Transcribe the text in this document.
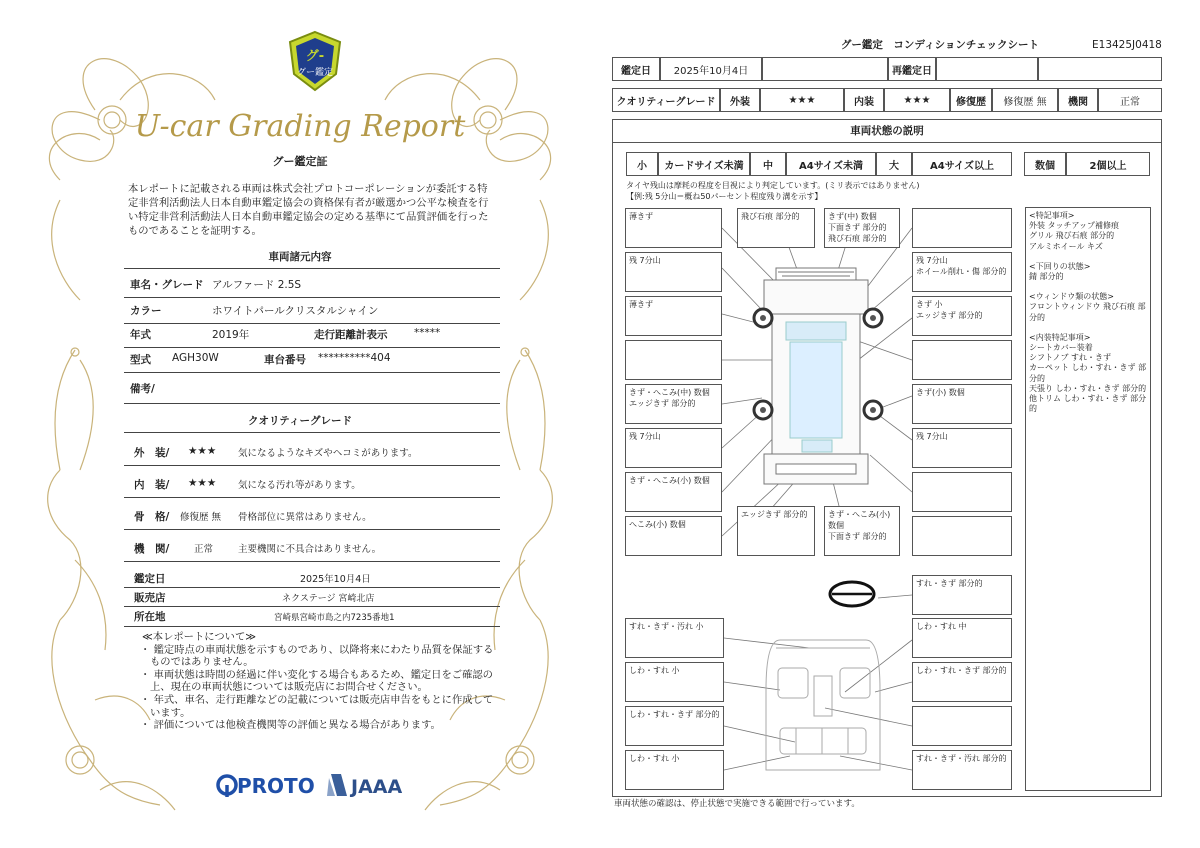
グ-
グー鑑定
U-car Grading Report
グー鑑定証
本レポートに記載される車両は株式会社プロトコーポレーションが委託する特定非営利活動法人日本自動車鑑定協会の資格保有者が厳選かつ公平な検査を行い特定非営利活動法人日本自動車鑑定協会の定める基準にて品質評価を行ったものであることを証明する。
車両諸元内容
車名・グレード アルファード 2.5S
カラー	ホワイトパールクリスタルシャイン
年式	2019年	走行距離計表示	*****
型式 AGH30W	車台番号 **********404
備考/
クオリティーグレード
外　装/ ★★★ 気になるようなキズやヘコミがあります。
内　装/ ★★★ 気になる汚れ等があります。
骨　格/ 修復歴 無 骨格部位に異常はありません。
機　関/	正常	主要機関に不具合はありません。
鑑定日	2025年10月4日
販売店	ネクステージ 宮崎北店
所在地	宮崎県宮崎市島之内7235番地1
≪本レポートについて≫
・ 鑑定時点の車両状態を示すものであり、以降将来にわたり品質を保証するものではありません。
・ 車両状態は時間の経過に伴い変化する場合もあるため、鑑定日をご確認の上、現在の車両状態については販売店にお問合せください。
・ 年式、車名、走行距離などの記載については販売店申告をもとに作成しています。
・ 評価については他検査機関等の評価と異なる場合があります。
PROTO JAAA
グー鑑定　コンディションチェックシート	E13425J0418
鑑定日	2025年10月4日	再鑑定日
クオリティーグレード	外装	★★★	内装	★★★	修復歴	修復歴 無	機関	正常
車両状態の説明
小	カードサイズ未満	中	A4サイズ未満	大	A4サイズ以上	数個	2個以上
タイヤ残山は摩耗の程度を目視により判定しています。(ミリ表示ではありません)
【例:残 5分山＝概ね50パーセント程度残り溝を示す】
薄きず
残 7分山
薄きず
きず・へこみ(中) 数個
エッジきず 部分的
残 7分山
きず・へこみ(小) 数個
へこみ(小) 数個
飛び石痕 部分的	きず(中) 数個
下面きず 部分的
飛び石痕 部分的
エッジきず 部分的	きず・へこみ(小) 数個
下面きず 部分的
残 7分山
ホイール削れ・傷 部分的
きず 小
エッジきず 部分的
きず(小) 数個
残 7分山
すれ・きず 部分的
すれ・きず・汚れ 小	しわ・すれ 中
しわ・すれ 小	しわ・すれ・きず 部分的
しわ・すれ・きず 部分的
しわ・すれ 小	すれ・きず・汚れ 部分的
<特記事項>
外装 タッチアップ補修痕
グリル 飛び石痕 部分的
アルミホイール キズ
<下回りの状態>
錆 部分的
<ウィンドウ類の状態>
フロントウィンドウ 飛び石痕 部分的
<内装特記事項>
シートカバー装着
シフトノブ すれ・きず
カーペット しわ・すれ・きず 部分的
天張り しわ・すれ・きず 部分的
他トリム しわ・すれ・きず 部分的
車両状態の確認は、停止状態で実施できる範囲で行っています。
